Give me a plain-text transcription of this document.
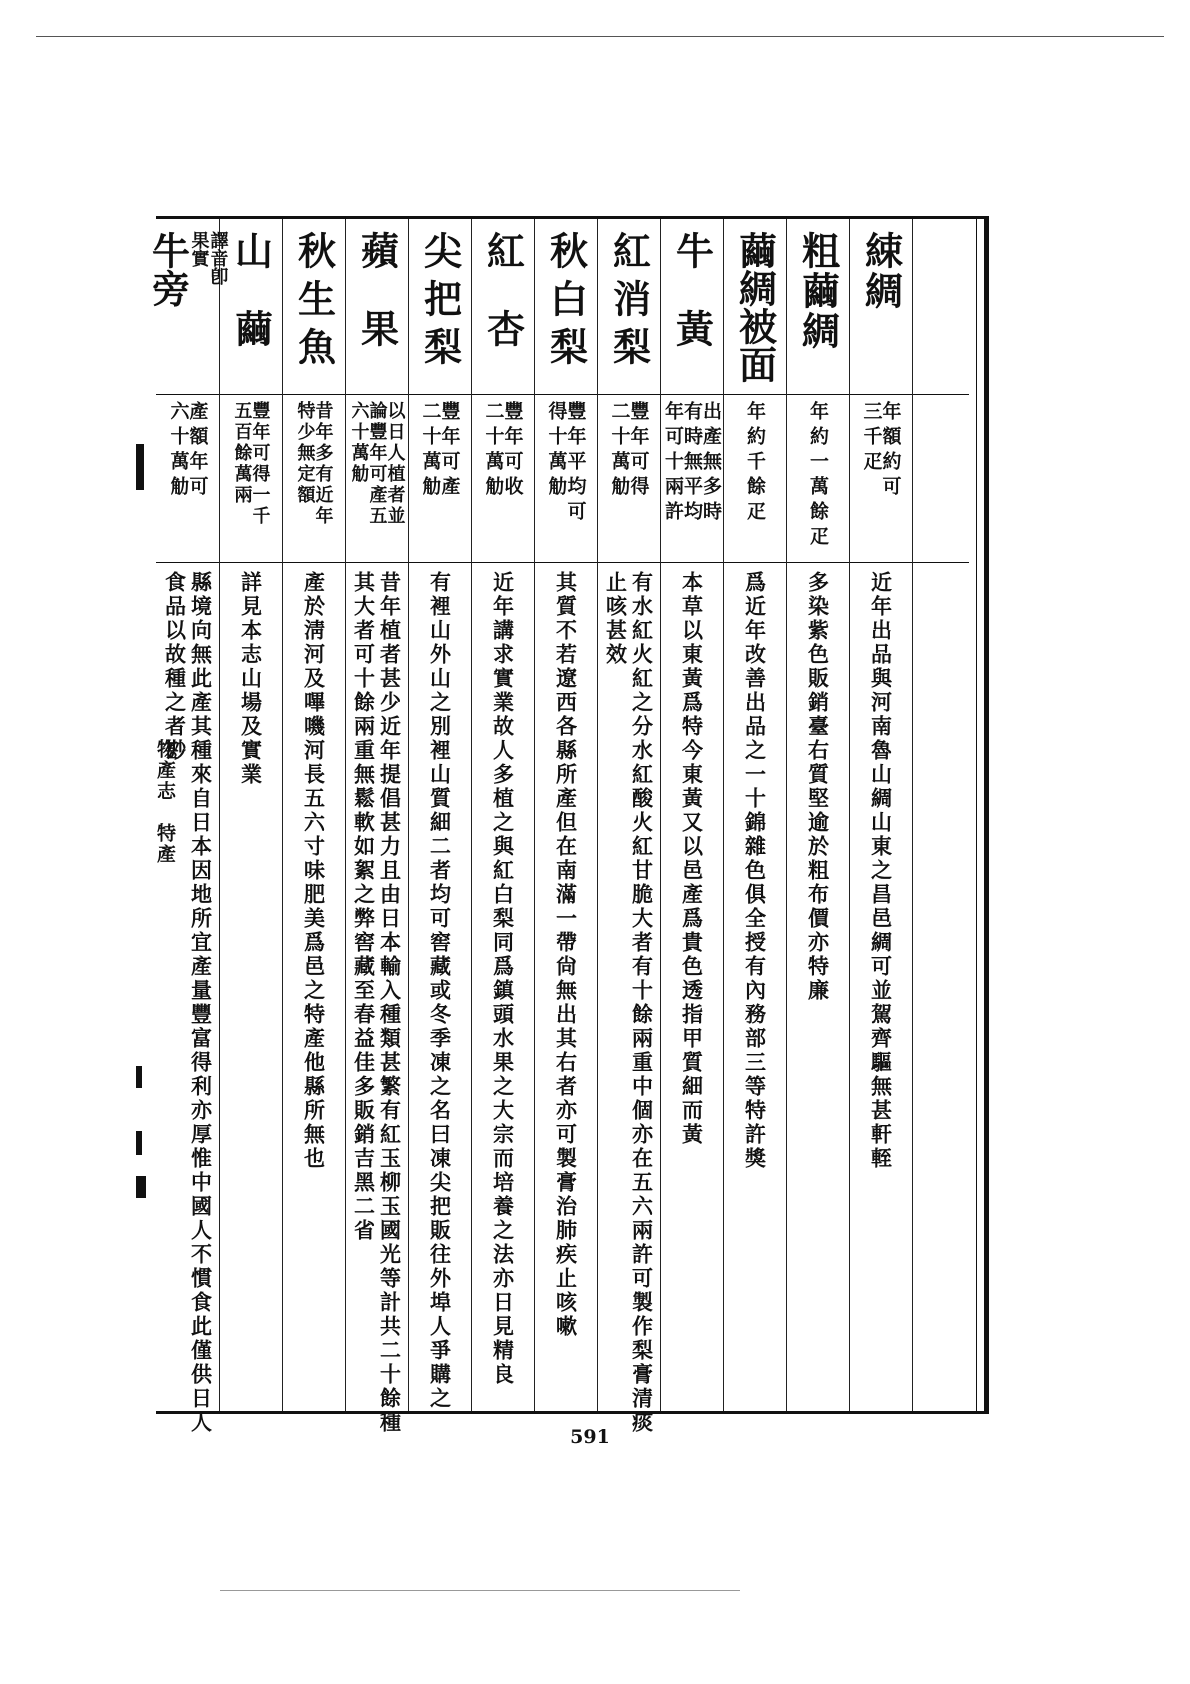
物產志　特產

綀綢
年額約可
三千疋
近年出品與河南魯山綢山東之昌邑綢可並駕齊驅無甚軒輊
粗繭綢
年約一萬餘疋
多染紫色販銷臺右質堅逾於粗布價亦特廉
繭綢被面
年約千餘疋
爲近年改善出品之一十錦雜色俱全授有內務部三等特許獎
牛黃
出產無多時
有時無平均
年可十兩許
本草以東黃爲特今東黃又以邑產爲貴色透指甲質細而黃
紅消梨
豐年可得
二十萬觔
有水紅火紅之分水紅酸火紅甘脆大者有十餘兩重中個亦在五六兩許可製作梨膏清痰
止咳甚效
秋白梨
豐年平均可
得十萬觔
其質不若遼西各縣所產但在南滿一帶尙無出其右者亦可製膏治肺疾止咳嗽
紅杏
豐年可收
二十萬觔
近年講求實業故人多植之與紅白梨同爲鎮頭水果之大宗而培養之法亦日見精良
尖把梨
豐年可產
二十萬觔
有裡山外山之別裡山質細二者均可窖藏或冬季凍之名曰凍尖把販往外埠人爭購之
蘋果
以日人植者並
論豐年可產五
六十萬觔
昔年植者甚少近年提倡甚力且由日本輸入種類甚繁有紅玉柳玉國光等計共二十餘種
其大者可十餘兩重無鬆軟如絮之弊窖藏至春益佳多販銷吉黑二省
秋生魚
昔年多有近年
特少無定額
產於淸河及嗶嘰河長五六寸味肥美爲邑之特產他縣所無也
山繭
豐年可得一千
五百餘萬兩
詳見本志山場及實業
牛旁 譯音卽
果實
產額年可
六十萬觔
縣境向無此產其種來自日本因地所宜產量豐富得利亦厚惟中國人不慣食此僅供日人
食品以故種之者尠
591
